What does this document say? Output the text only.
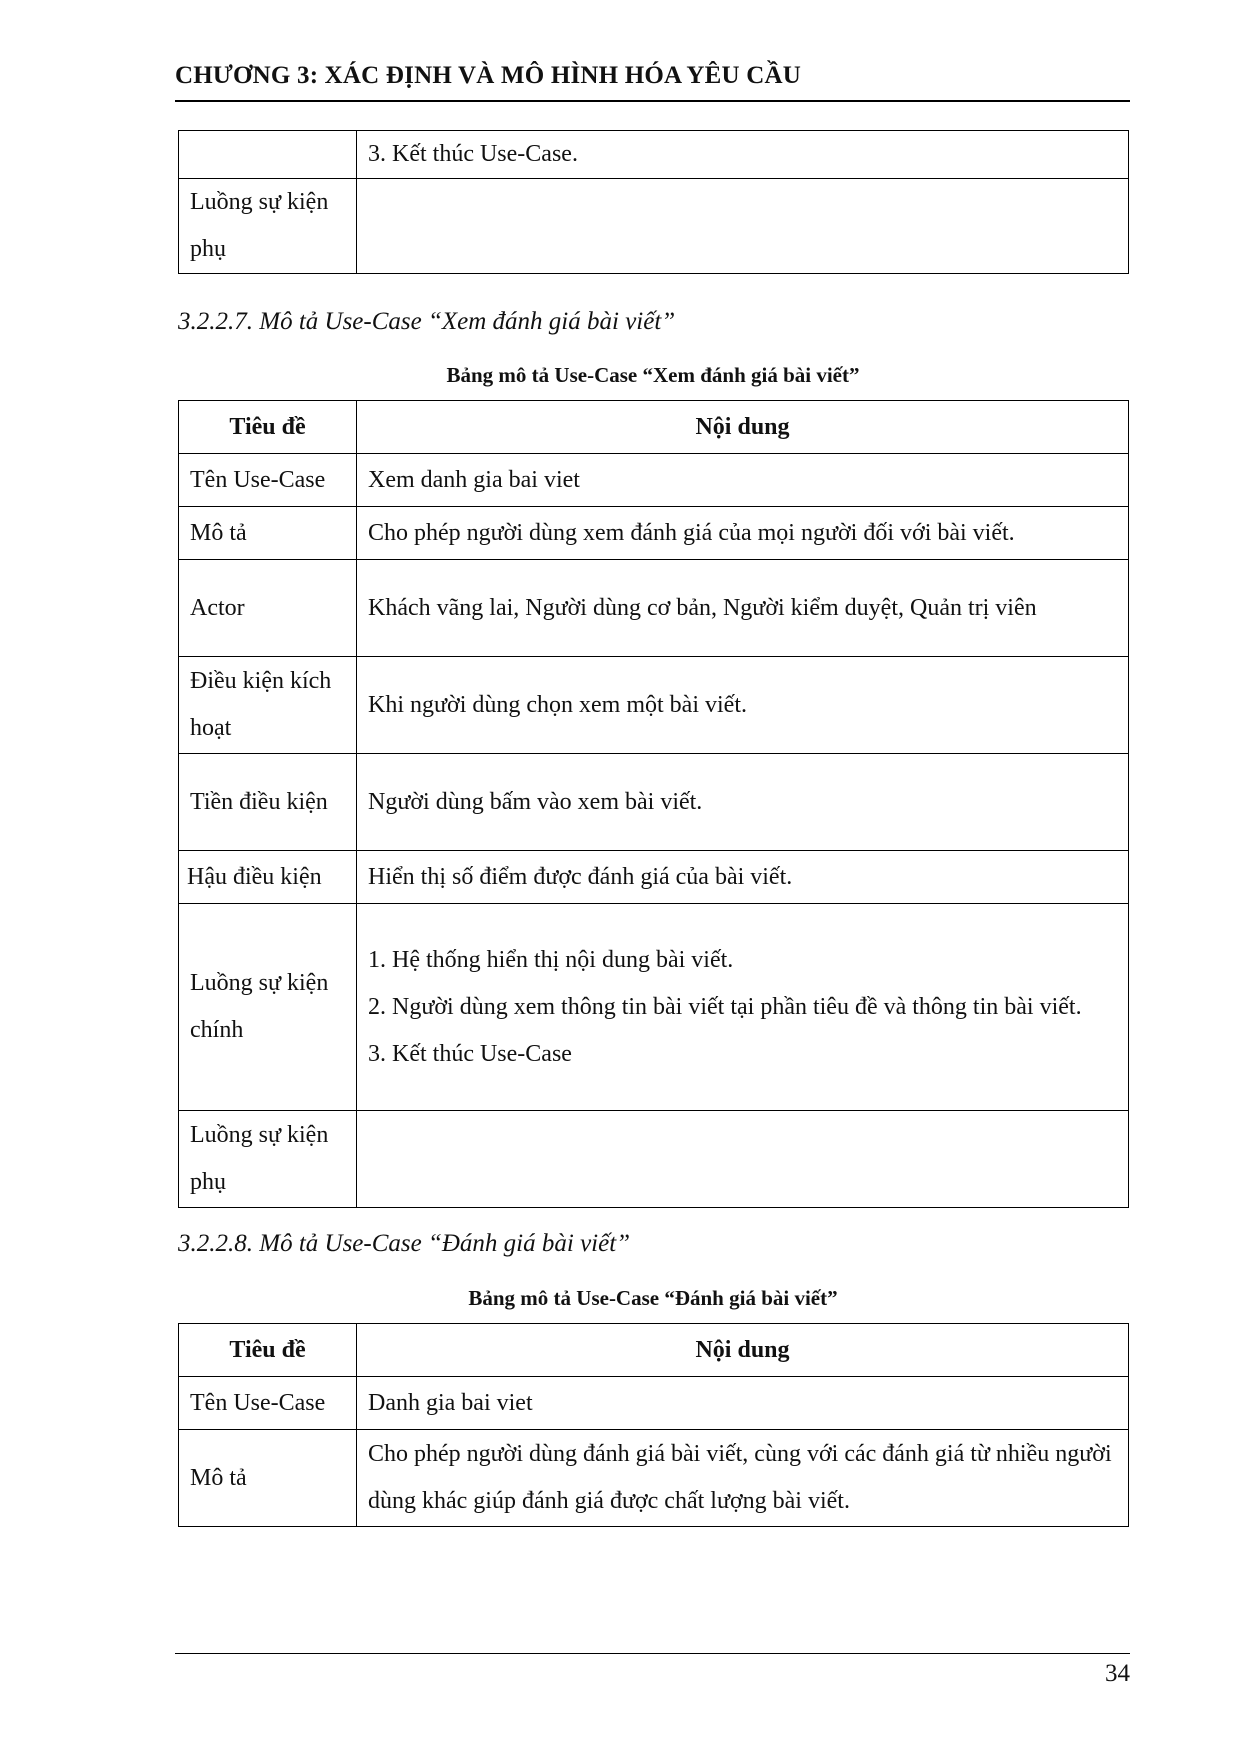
CHƯƠNG 3: XÁC ĐỊNH VÀ MÔ HÌNH HÓA YÊU CẦU
	3. Kết thúc Use-Case.
Luồng sự kiện phụ	
3.2.2.7. Mô tả Use-Case “Xem đánh giá bài viết”
Bảng mô tả Use-Case “Xem đánh giá bài viết”
Tiêu đề	Nội dung
Tên Use-Case	Xem danh gia bai viet
Mô tả	Cho phép người dùng xem đánh giá của mọi người đối với bài viết.
Actor	Khách vãng lai, Người dùng cơ bản, Người kiểm duyệt, Quản trị viên
Điều kiện kích hoạt	Khi người dùng chọn xem một bài viết.
Tiền điều kiện	Người dùng bấm vào xem bài viết.
Hậu điều kiện	Hiển thị số điểm được đánh giá của bài viết.
Luồng sự kiện chính	1. Hệ thống hiển thị nội dung bài viết.

2. Người dùng xem thông tin bài viết tại phần tiêu đề và thông tin bài viết.

3. Kết thúc Use-Case

Luồng sự kiện phụ	
3.2.2.8. Mô tả Use-Case “Đánh giá bài viết”
Bảng mô tả Use-Case “Đánh giá bài viết”
Tiêu đề	Nội dung
Tên Use-Case	Danh gia bai viet
Mô tả	Cho phép người dùng đánh giá bài viết, cùng với các đánh giá từ nhiều người dùng khác giúp đánh giá được chất lượng bài viết.
34
